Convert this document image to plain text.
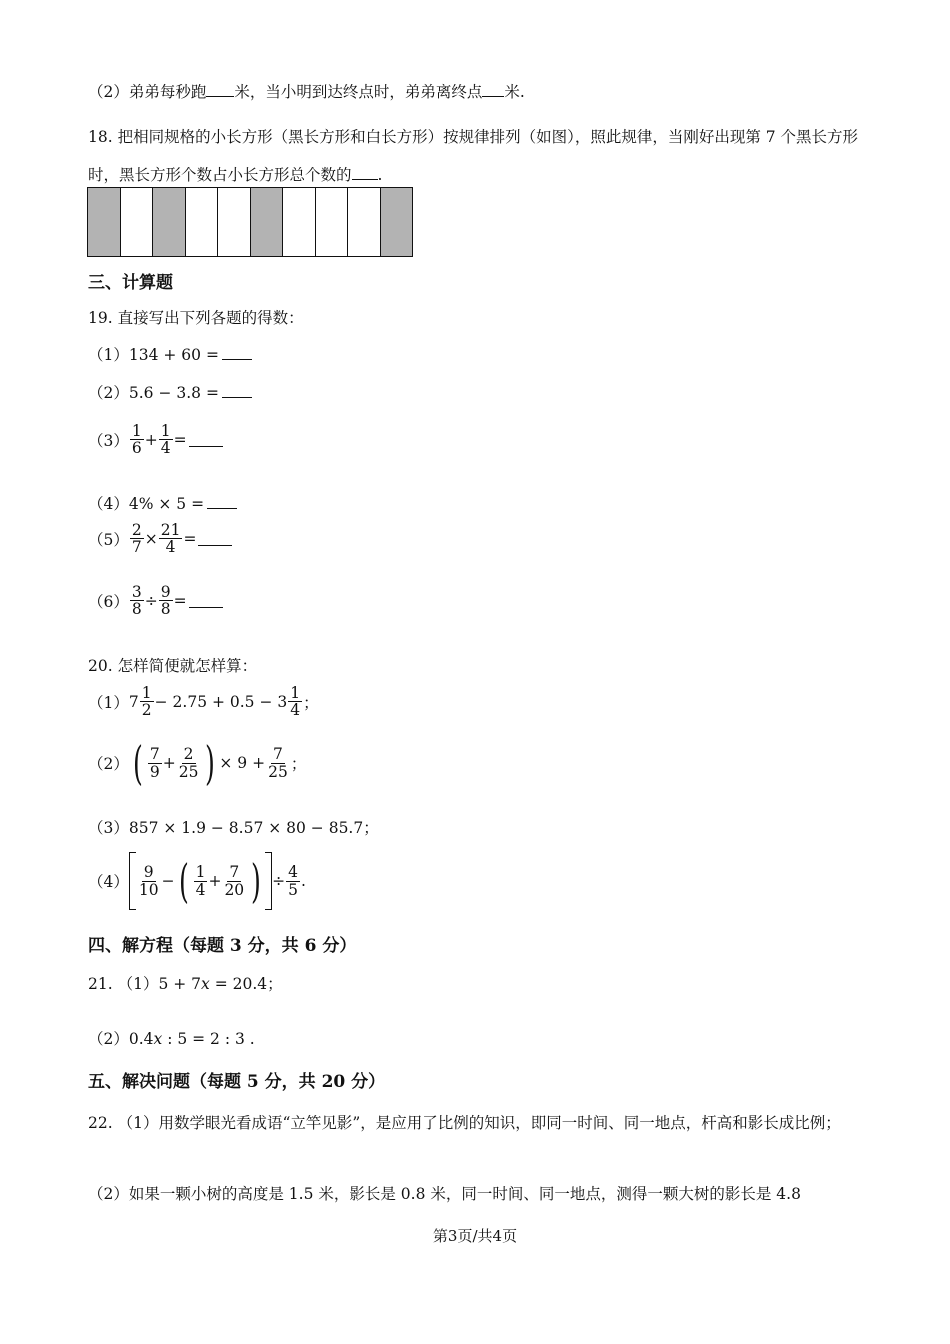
（2）弟弟每秒跑 米，当小明到达终点时，弟弟离终点 米.
18. 把相同规格的小长方形（黑长方形和白长方形）按规律排列（如图），照此规律，当刚好出现第 7 个黑长方形时，黑长方形个数占小长方形总个数的 .
三、计算题
19. 直接写出下列各题的得数：
（1）134 + 60 =
（2）5.6 − 3.8 =
$(3) \frac{1}{6} + \frac{1}{4}$ =
（4）4% × 5 =
$(5) \frac{2}{7} \times \frac{21}{4}$ =
$(6) \frac{3}{8} \div \frac{9}{8}$ =
20. 怎样简便就怎样算：
（1） $7 \frac{1}{2} - 2.75 + 0.5 - 3 \frac{1}{4}$ ；
（2） ( $\frac{7}{9} + \frac{2}{25}$ ) × $9 + \frac{7}{25}$ ；
（3）857 × 1.9 − 8.57 × 80 − 85.7；
$(4) \frac{9}{10}$ − ( $\frac{1}{4} + \frac{7}{20}$ ) ÷ $\frac{4}{5}$ .
四、解方程（每题 3 分，共 6 分）
21. （1）5 + 7x = 20.4；
（2）0.4x : 5 = 2 : 3 .
五、解决问题（每题 5 分，共 20 分）
22. （1）用数学眼光看成语“立竿见影”，是应用了比例的知识，即同一时间、同一地点，杆高和影长成比例；
（2）如果一颗小树的高度是 1.5 米，影长是 0.8 米，同一时间、同一地点，测得一颗大树的影长是 4.8
第3页/共4页
